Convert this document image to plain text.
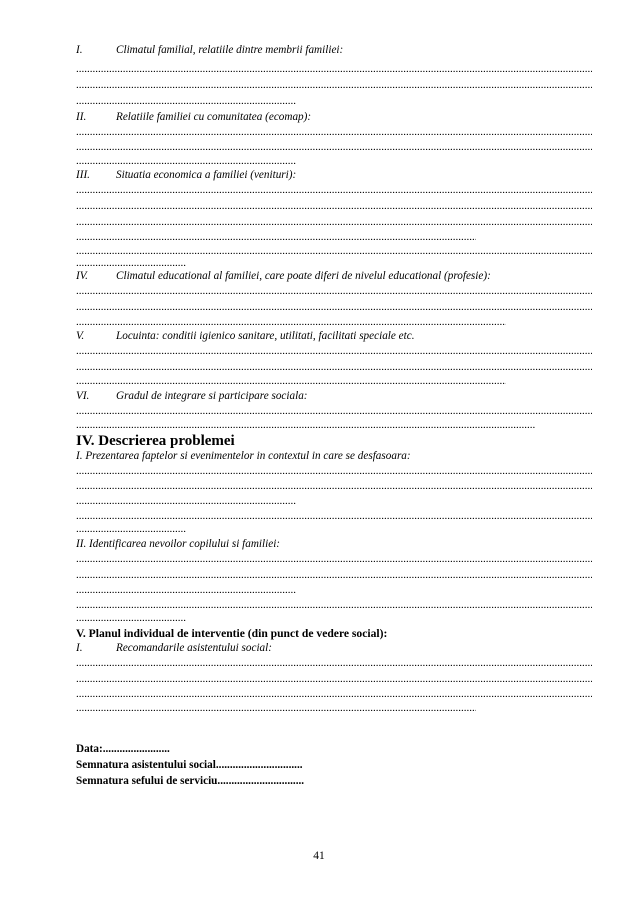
I.	Climatul familial, relatiile dintre membrii familiei:
.....
.....
.....
II.	Relatiile familiei cu comunitatea (ecomap):
.....
.....
.....
III. Situatia economica a familiei (venituri):
.....
.....
.....
.....
.....
.....
IV.	Climatul educational al familiei, care poate diferi de nivelul educational (profesie):
.....
.....
.....
V.	Locuinta: conditii igienico sanitare, utilitati, facilitati speciale etc.
.....
.....
.....
VI. Gradul de integrare si participare sociala:
.....
.....
IV. Descrierea problemei
I. Prezentarea faptelor si evenimentelor in contextul in care se desfasoara:
.....
.....
.....
.....
.....
II. Identificarea nevoilor copilului si familiei:
.....
.....
.....
.....
.....
V. Planul individual de interventie (din punct de vedere social):
I.	Recomandarile asistentului social:
.....
.....
.....
.....
Data:........................
Semnatura asistentului social...............................
Semnatura sefului de serviciu...............................
41
